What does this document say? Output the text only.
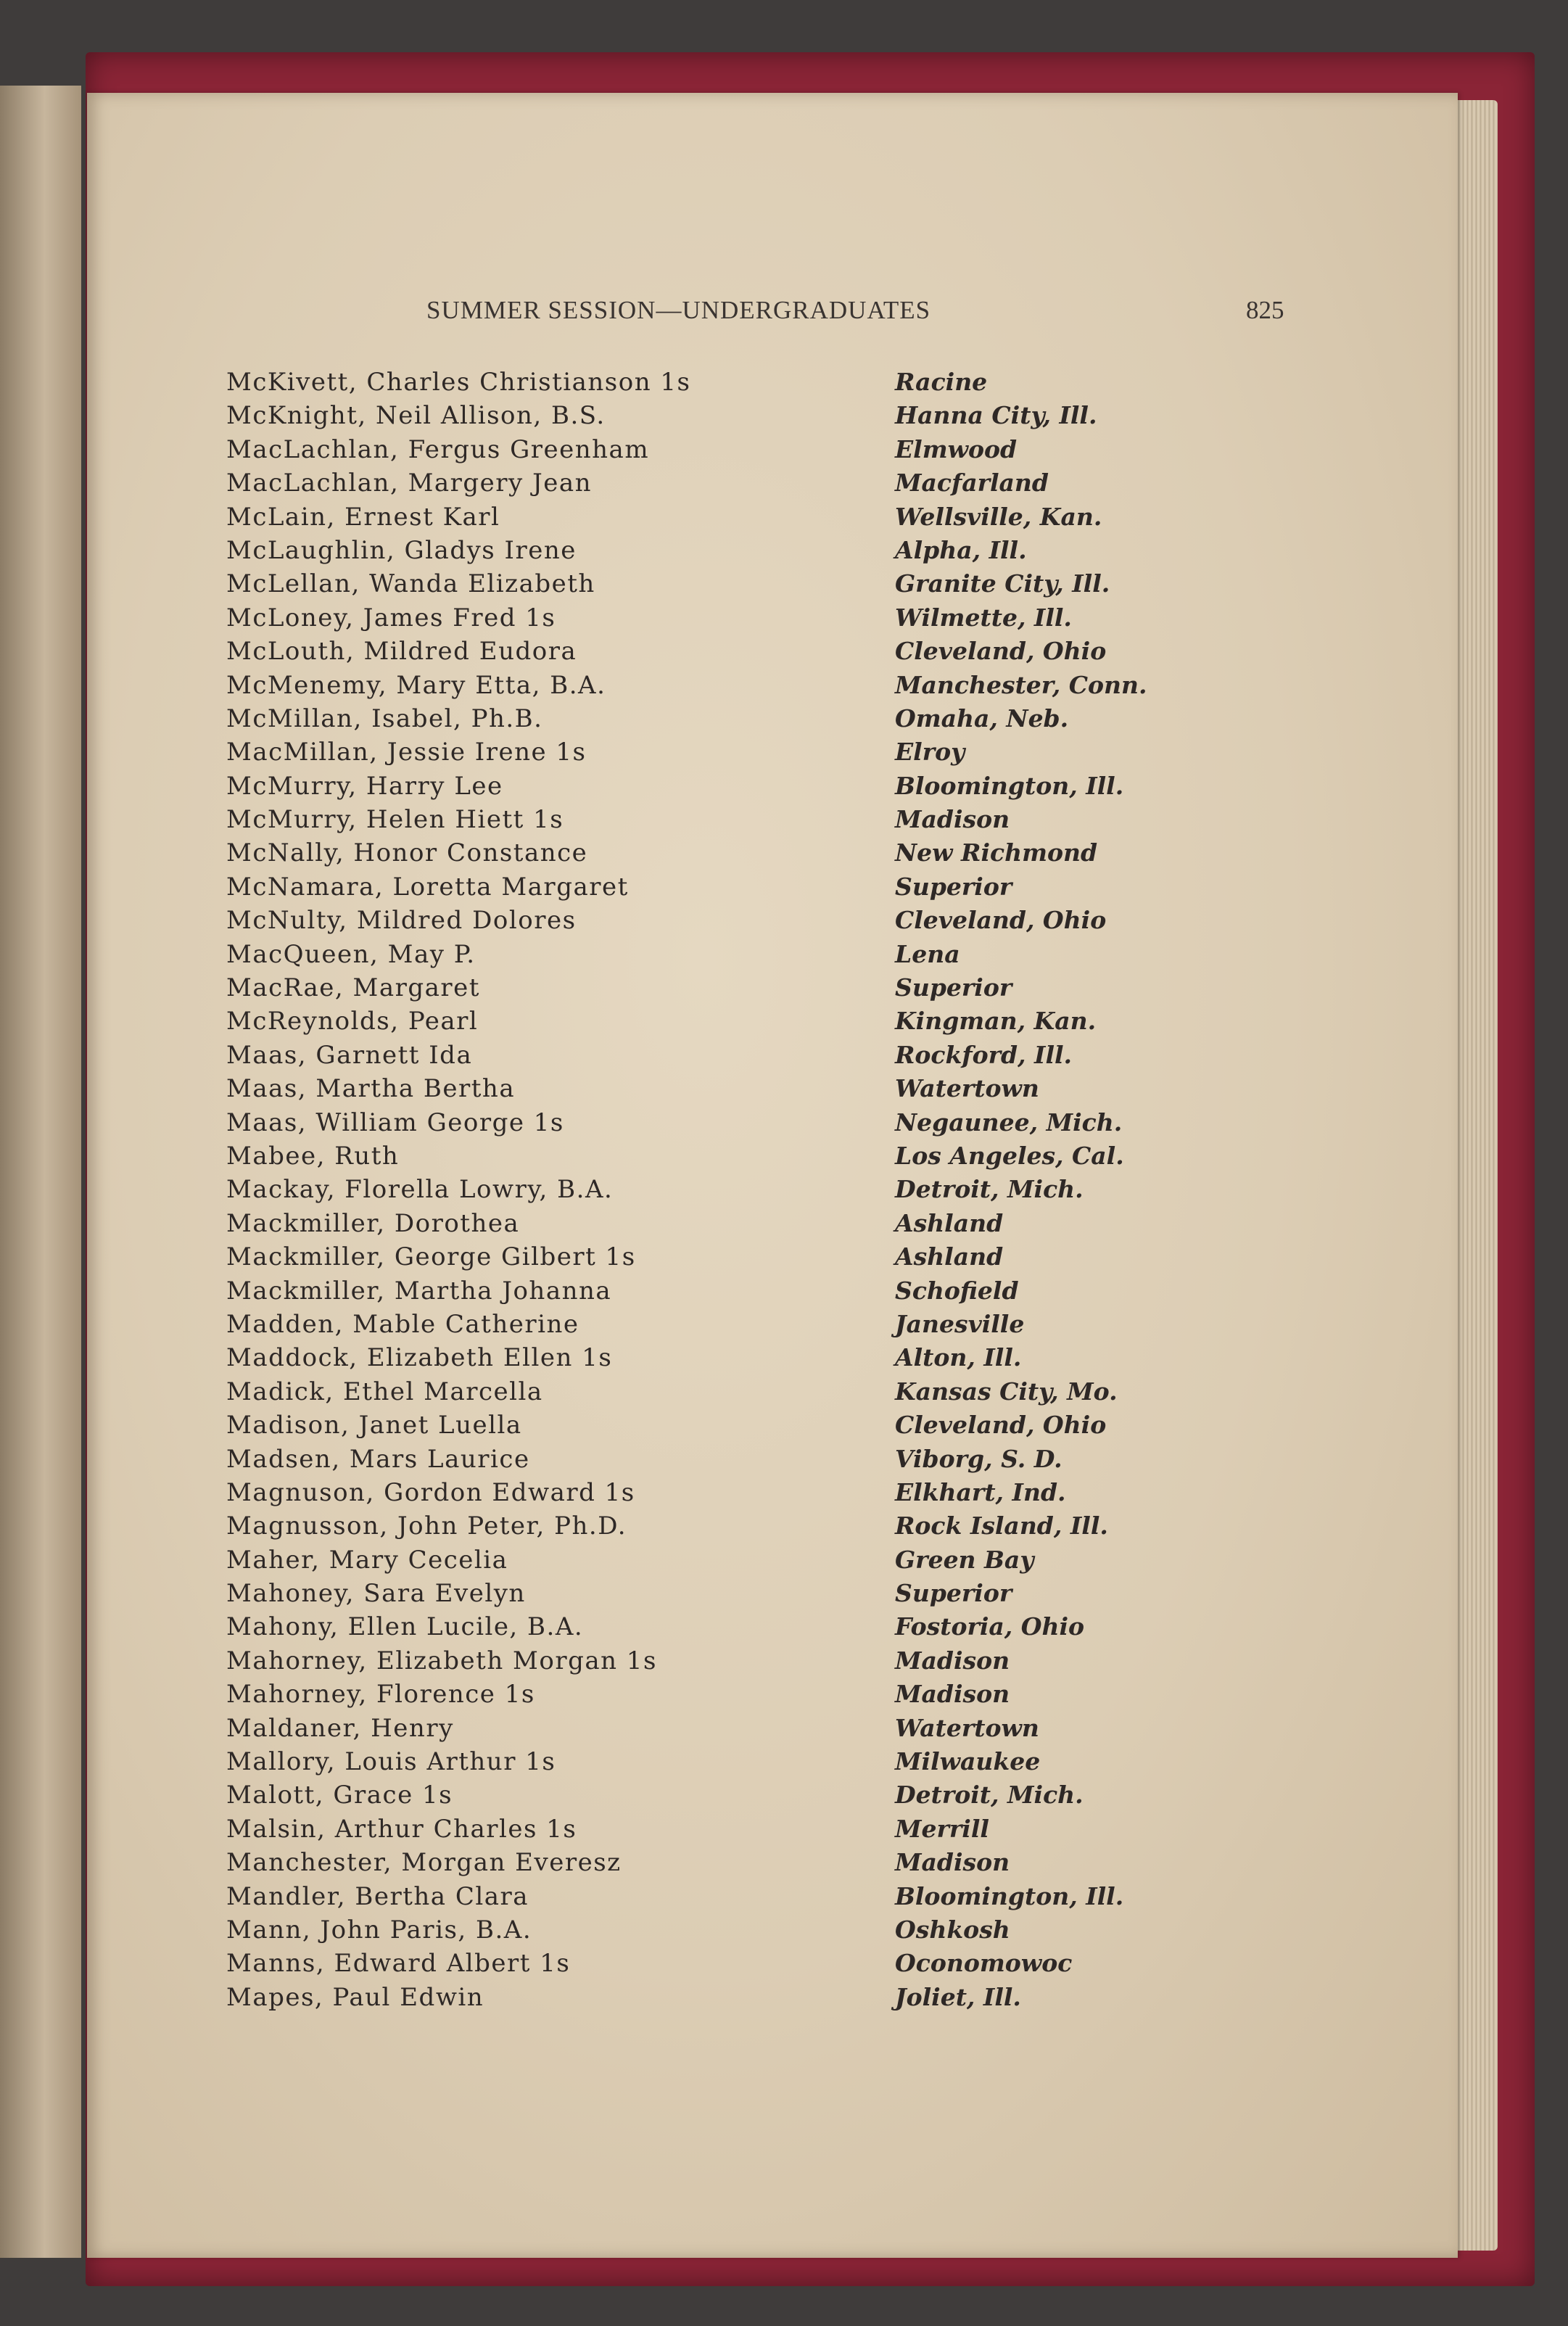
SUMMER SESSION—UNDERGRADUATES	825
McKivett, Charles Christianson 1s	Racine
McKnight, Neil Allison, B.S.	Hanna City, Ill.
MacLachlan, Fergus Greenham	Elmwood
MacLachlan, Margery Jean	Macfarland
McLain, Ernest Karl	Wellsville, Kan.
McLaughlin, Gladys Irene	Alpha, Ill.
McLellan, Wanda Elizabeth	Granite City, Ill.
McLoney, James Fred 1s	Wilmette, Ill.
McLouth, Mildred Eudora	Cleveland, Ohio
McMenemy, Mary Etta, B.A.	Manchester, Conn.
McMillan, Isabel, Ph.B.	Omaha, Neb.
MacMillan, Jessie Irene 1s	Elroy
McMurry, Harry Lee	Bloomington, Ill.
McMurry, Helen Hiett 1s	Madison
McNally, Honor Constance	New Richmond
McNamara, Loretta Margaret	Superior
McNulty, Mildred Dolores	Cleveland, Ohio
MacQueen, May P.	Lena
MacRae, Margaret	Superior
McReynolds, Pearl	Kingman, Kan.
Maas, Garnett Ida	Rockford, Ill.
Maas, Martha Bertha	Watertown
Maas, William George 1s	Negaunee, Mich.
Mabee, Ruth	Los Angeles, Cal.
Mackay, Florella Lowry, B.A.	Detroit, Mich.
Mackmiller, Dorothea	Ashland
Mackmiller, George Gilbert 1s	Ashland
Mackmiller, Martha Johanna	Schofield
Madden, Mable Catherine	Janesville
Maddock, Elizabeth Ellen 1s	Alton, Ill.
Madick, Ethel Marcella	Kansas City, Mo.
Madison, Janet Luella	Cleveland, Ohio
Madsen, Mars Laurice	Viborg, S. D.
Magnuson, Gordon Edward 1s	Elkhart, Ind.
Magnusson, John Peter, Ph.D.	Rock Island, Ill.
Maher, Mary Cecelia	Green Bay
Mahoney, Sara Evelyn	Superior
Mahony, Ellen Lucile, B.A.	Fostoria, Ohio
Mahorney, Elizabeth Morgan 1s	Madison
Mahorney, Florence 1s	Madison
Maldaner, Henry	Watertown
Mallory, Louis Arthur 1s	Milwaukee
Malott, Grace 1s	Detroit, Mich.
Malsin, Arthur Charles 1s	Merrill
Manchester, Morgan Everesz	Madison
Mandler, Bertha Clara	Bloomington, Ill.
Mann, John Paris, B.A.	Oshkosh
Manns, Edward Albert 1s	Oconomowoc
Mapes, Paul Edwin	Joliet, Ill.
